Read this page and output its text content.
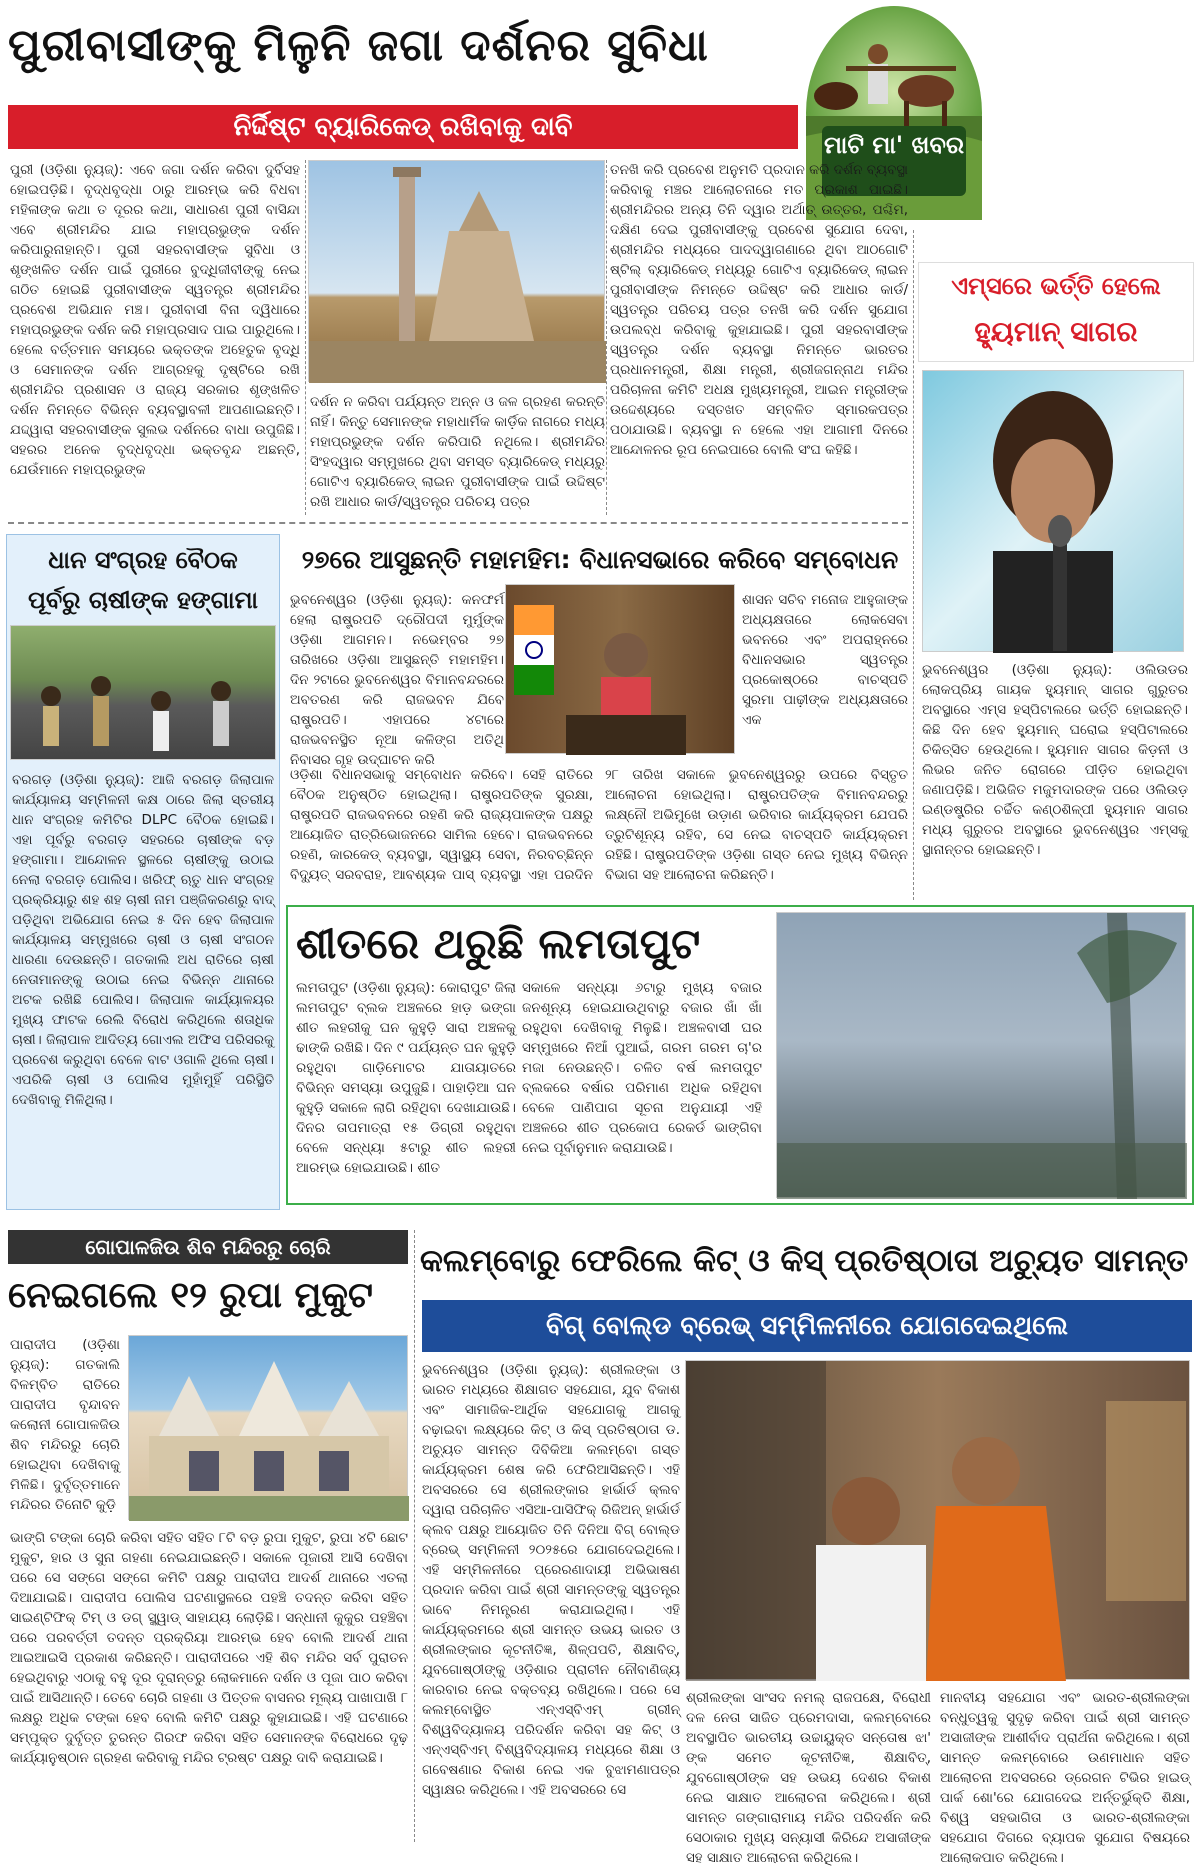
ପୁରୀବାସୀଙ୍କୁ ମିଳୁନି ଜଗା ଦର୍ଶନର ସୁବିଧା
ମାଟି ମା' ଖବର
ନିର୍ଦ୍ଦିଷ୍ଟ ବ୍ୟାରିକେଡ୍ ରଖିବାକୁ ଦାବି
ପୁରୀ (ଓଡ଼ିଶା ନ୍ୟୁଜ୍): ଏବେ ଜଗା ଦର୍ଶନ କରିବା ଦୁର୍ବିସହ ହୋଇପଡ଼ିଛି। ବୃଦ୍ଧବୃଦ୍ଧା ଠାରୁ ଆରମ୍ଭ କରି ବିଧବା ମହିଳାଙ୍କ କଥା ତ ଦୂରର କଥା, ସାଧାରଣ ପୁରୀ ବାସିନ୍ଦା ଏବେ ଶ୍ରୀମନ୍ଦିର ଯାଇ ମହାପ୍ରଭୁଙ୍କ ଦର୍ଶନ କରିପାରୁନାହାନ୍ତି। ପୁରୀ ସହରବାସୀଙ୍କ ସୁବିଧା ଓ ଶୃଙ୍ଖଳିତ ଦର୍ଶନ ପାଇଁ ପୁରୀରେ ବୁଦ୍ଧିଜୀବୀଙ୍କୁ ନେଇ ଗଠିତ ହୋଇଛି ପୁରୀବାସୀଙ୍କ ସ୍ୱତନ୍ତ୍ର ଶ୍ରୀମନ୍ଦିର ପ୍ରବେଶ ଅଭିଯାନ ମଞ୍ଚ। ପୁରୀବାସୀ ବିନା ଦ୍ୱିଧାରେ ମହାପ୍ରଭୁଙ୍କ ଦର୍ଶନ କରି ମହାପ୍ରସାଦ ପାଇ ପାରୁଥିଲେ। ହେଲେ ବର୍ତ୍ତମାନ ସମୟରେ ଭକ୍ତଙ୍କ ଅହେତୁକ ବୃଦ୍ଧି ଓ ସେମାନଙ୍କ ଦର୍ଶନ ଆଗ୍ରହକୁ ଦୃଷ୍ଟିରେ ରଖି ଶ୍ରୀମନ୍ଦିର ପ୍ରଶାସନ ଓ ରାଜ୍ୟ ସରକାର ଶୃଙ୍ଖଳିତ ଦର୍ଶନ ନିମନ୍ତେ ବିଭିନ୍ନ ବ୍ୟବସ୍ଥାବଳୀ ଆପଣାଇଛନ୍ତି। ଯଦ୍ଦ୍ୱାରା ସହରବାସୀଙ୍କ ସୁଲଭ ଦର୍ଶନରେ ବାଧା ଉପୁଜିଛି। ସହରର ଅନେକ ବୃଦ୍ଧବୃଦ୍ଧା ଭକ୍ତବୃନ୍ଦ ଅଛନ୍ତି, ଯେଉଁମାନେ ମହାପ୍ରଭୁଙ୍କ
ଦର୍ଶନ ନ କରିବା ପର୍ଯ୍ୟନ୍ତ ଅନ୍ନ ଓ ଜଳ ଗ୍ରହଣ କରନ୍ତି ନାହିଁ। କିନ୍ତୁ ସେମାନଙ୍କ ମହାଧାର୍ମିକ କାର୍ଡ଼ିକ ନାଗରେ ମଧ୍ୟ ମହାପ୍ରଭୁଙ୍କ ଦର୍ଶନ କରିପାରି ନଥିଲେ। ଶ୍ରୀମନ୍ଦିର ସିଂହଦ୍ୱାର ସମ୍ମୁଖରେ ଥିବା ସମସ୍ତ ବ୍ୟାରିକେଡ୍ ମଧ୍ୟରୁ ଗୋଟିଏ ବ୍ୟାରିକେଡ୍ ଲାଇନ ପୁରୀବାସୀଙ୍କ ପାଇଁ ଉଦ୍ଦିଷ୍ଟ ରଖି ଆଧାର କାର୍ଡ/ସ୍ୱତନ୍ତ୍ର ପରିଚୟ ପତ୍ର
ତନଖି କରି ପ୍ରବେଶ ଅନୁମତି ପ୍ରଦାନ କରି ଦର୍ଶନ ବ୍ୟବସ୍ଥା କରିବାକୁ ମଞ୍ଚର ଆଲୋଚନାରେ ମତ ପ୍ରକାଶ ପାଇଛି। ଶ୍ରୀମନ୍ଦିରର ଅନ୍ୟ ତିନି ଦ୍ୱାର ଅର୍ଥାତ୍ ଉତ୍ତର, ପଶ୍ଚିମ, ଦକ୍ଷିଣ ଦେଇ ପୁରୀବାସୀଙ୍କୁ ପ୍ରବେଶ ସୁଯୋଗ ଦେବା, ଶ୍ରୀମନ୍ଦିର ମଧ୍ୟରେ ପାଦଦ୍ୱାଗଣାରେ ଥିବା ଆଠଗୋଟି ଷ୍ଟିଲ୍ ବ୍ୟାରିକେଡ୍ ମଧ୍ୟରୁ ଗୋଟିଏ ବ୍ୟାରିକେଡ୍ ଲାଇନ ପୁରୀବାସୀଙ୍କ ନିମନ୍ତେ ଉଦ୍ଦିଷ୍ଟ କରି ଆଧାର କାର୍ଡ/ସ୍ୱତନ୍ତ୍ର ପରିଚୟ ପତ୍ର ତନଖି କରି ଦର୍ଶନ ସୁଯୋଗ ଉପଲବ୍ଧ କରିବାକୁ କୁହାଯାଇଛି। ପୁରୀ ସହରବାସୀଙ୍କ ସ୍ୱତନ୍ତ୍ର ଦର୍ଶନ ବ୍ୟବସ୍ଥା ନିମନ୍ତେ ଭାରତର ପ୍ରଧାନମନ୍ତ୍ରୀ, ଶିକ୍ଷା ମନ୍ତ୍ରୀ, ଶ୍ରୀଜଗନ୍ନାଥ ମନ୍ଦିର ପରିଚାଳନା କମିଟି ଅଧକ୍ଷ ମୁଖ୍ୟମନ୍ତ୍ରୀ, ଆଇନ ମନ୍ତ୍ରୀଙ୍କ ଉଦ୍ଦେଶ୍ୟରେ ଦସ୍ତଖତ ସମ୍ବଳିତ ସ୍ମାରକପତ୍ର ପଠାଯାଉଛି। ବ୍ୟବସ୍ଥା ନ ହେଲେ ଏହା ଆଗାମୀ ଦିନରେ ଆନ୍ଦୋଳନର ରୂପ ନେଇପାରେ ବୋଲି ସଂଘ କହିଛି।
ଏମ୍ସରେ ଭର୍ତ୍ତି ହେଲେ
ହ୍ୟୁମାନ୍ ସାଗର
ଭୁବନେଶ୍ୱର (ଓଡ଼ିଶା ନ୍ୟୁଜ୍): ଓଲିଉଡର ଲୋକପ୍ରିୟ ଗାୟକ ହ୍ୟୁମାନ୍ ସାଗର ଗୁରୁତର ଅବସ୍ଥାରେ ଏମ୍ସ ହସ୍ପିଟାଲରେ ଭର୍ତ୍ତି ହୋଇଛନ୍ତି। କିଛି ଦିନ ହେବ ହ୍ୟୁମାନ୍ ଘରୋଇ ହସ୍ପିଟାଲରେ ଚିକିତ୍ସିତ ହେଉଥିଲେ। ହ୍ୟୁମାନ ସାଗର କିଡ଼ନୀ ଓ ଲିଭର ଜନିତ ରୋଗରେ ପୀଡ଼ିତ ହୋଇଥିବା ଜଣାପଡ଼ିଛି। ଅଭିଜିତ ମଜୁମଦାରଙ୍କ ପରେ ଓଲିଉଡ଼ ଇଣ୍ଡଷ୍ଟ୍ରିର ଚର୍ଚ୍ଚିତ କଣ୍ଠଶିଳ୍ପୀ ହ୍ୟୁମାନ ସାଗର ମଧ୍ୟ ଗୁରୁତର ଅବସ୍ଥାରେ ଭୁବନେଶ୍ୱର ଏମ୍ସକୁ ସ୍ଥାନାନ୍ତର ହୋଇଛନ୍ତି।
ଧାନ ସଂଗ୍ରହ ବୈଠକ
ପୂର୍ବରୁ ଚାଷୀଙ୍କ ହଙ୍ଗାମା
ବରଗଡ଼ (ଓଡ଼ିଶା ନ୍ୟୁଜ୍): ଆଜି ବରଗଡ଼ ଜିଲାପାଳ କାର୍ଯ୍ୟାଳୟ ସମ୍ମିଳନୀ କକ୍ଷ ଠାରେ ଜିଲା ସ୍ତରୀୟ ଧାନ ସଂଗ୍ରହ କମିଟିର DLPC ବୈଠକ ହୋଇଛି। ଏହା ପୂର୍ବରୁ ବରଗଡ଼ ସହରରେ ଚାଷୀଙ୍କ ବଡ଼ ହଙ୍ଗାମା। ଆନ୍ଦୋଳନ ସ୍ଥଳରେ ଚାଷୀଙ୍କୁ ଉଠାଇ ନେଲା ବରଗଡ଼ ପୋଲିସ। ଖରିଫ୍ ଋତୁ ଧାନ ସଂଗ୍ରହ ପ୍ରକ୍ରିୟାରୁ ଶହ ଶହ ଚାଷୀ ନାମ ପଞ୍ଜିକରଣରୁ ବାଦ୍ ପଡ଼ିଥିବା ଅଭିଯୋଗ ନେଇ ୫ ଦିନ ହେବ ଜିଲାପାଳ କାର୍ଯ୍ୟାଳୟ ସମ୍ମୁଖରେ ଚାଷୀ ଓ ଚାଷୀ ସଂଗଠନ ଧାରଣା ଦେଉଛନ୍ତି। ଗତକାଲି ଅଧ ରାତିରେ ଚାଷୀ ନେତାମାନଙ୍କୁ ଉଠାଇ ନେଇ ବିଭିନ୍ନ ଥାନାରେ ଅଟକ ରଖିଛି ପୋଲିସ। ଜିଲାପାଳ କାର୍ଯ୍ୟାଳୟର ମୁଖ୍ୟ ଫାଟକ ରେଲି ବିରୋଧ କରିଥିଲେ ଶତାଧିକ ଚାଷୀ। ଜିଲାପାଳ ଆଦିତ୍ୟ ଗୋଏଲ ଅଫିସ ପରିସରକୁ ପ୍ରବେଶ କରୁଥିବା ବେଳେ ବାଟ ଓଗାଳି ଥିଲେ ଚାଷୀ। ଏପରିକି ଚାଷୀ ଓ ପୋଲିସ ମୁହାଁମୁହିଁ ପରିସ୍ଥିତି ଦେଖିବାକୁ ମିଳିଥିଲା।
୨୭ରେ ଆସୁଛନ୍ତି ମହାମହିମ: ବିଧାନସଭାରେ କରିବେ ସମ୍ବୋଧନ
ଭୁବନେଶ୍ୱର (ଓଡ଼ିଶା ନ୍ୟୁଜ୍): କନଫର୍ମ ହେଲା ରାଷ୍ଟ୍ରପତି ଦ୍ରୌପଦୀ ମୁର୍ମୁଙ୍କ ଓଡ଼ିଶା ଆଗମନ। ନଭେମ୍ବର ୨୭ ତାରିଖରେ ଓଡ଼ିଶା ଆସୁଛନ୍ତି ମହାମହିମ। ଦିନ ୨ଟାରେ ଭୁବନେଶ୍ୱର ବିମାନବନ୍ଦରରେ ଅବତରଣ କରି ରାଜଭବନ ଯିବେ ରାଷ୍ଟ୍ରପତି। ଏହାପରେ ୪ଟାରେ ରାଜଭବନସ୍ଥିତ ନୂଆ କଳିଙ୍ଗ ଅତିଥି ନିବାସର ଗୃହ ଉଦ୍‌ଘାଟନ କରି
ଶାସନ ସଚିବ ମନୋଜ ଆହୁଜାଙ୍କ ଅଧ୍ୟକ୍ଷତାରେ ଲୋକସେବା ଭବନରେ ଏବଂ ଅପରାହ୍ନରେ ବିଧାନସଭାର ସ୍ୱତନ୍ତ୍ର ପ୍ରକୋଷ୍ଠରେ ବାଚସ୍ପତି ସୁରମା ପାଢ଼ୀଙ୍କ ଅଧ୍ୟକ୍ଷତାରେ ଏକ
ଓଡ଼ିଶା ବିଧାନସଭାକୁ ସମ୍ବୋଧନ କରିବେ। ସେହି ରାତିରେ ବୈଠକ ଅନୁଷ୍ଠିତ ହୋଇଥିଲା। ରାଷ୍ଟ୍ରପତିଙ୍କ ସୁରକ୍ଷା, ରାଷ୍ଟ୍ରପତି ରାଜଭବନରେ ରହଣି କରି ରାଜ୍ୟପାଳଙ୍କ ପକ୍ଷରୁ ଆୟୋଜିତ ରାତ୍ରିଭୋଜନରେ ସାମିଲ ହେବେ। ରାଜଭବନରେ ରହଣି, କାରକେଡ୍ ବ୍ୟବସ୍ଥା, ସ୍ୱାସ୍ଥ୍ୟ ସେବା, ନିରବଚ୍ଛିନ୍ନ ବିଦ୍ୟୁତ୍ ସରବରାହ, ଆବଶ୍ୟକ ପାସ୍ ବ୍ୟବସ୍ଥା ଏହା ପରଦିନ ୨୮ ତାରିଖ ସକାଳେ ଭୁବନେଶ୍ୱରରୁ ଉପରେ ବିସ୍ତୃତ ଆଲୋଚନା ହୋଇଥିଲା। ରାଷ୍ଟ୍ରପତିଙ୍କ ବିମାନବନ୍ଦରରୁ ଲକ୍ଷ୍ନୌ ଅଭିମୁଖେ ଉଡ଼ାଣ ଭରିବାର କାର୍ଯ୍ୟକ୍ରମ ଯେପରି ତ୍ରୁଟିଶୂନ୍ୟ ରହିବ, ସେ ନେଇ ବାଚସ୍ପତି କାର୍ଯ୍ୟକ୍ରମ ରହିଛି। ରାଷ୍ଟ୍ରପତିଙ୍କ ଓଡ଼ିଶା ଗସ୍ତ ନେଇ ମୁଖ୍ୟ ବିଭିନ୍ନ ବିଭାଗ ସହ ଆଲୋଚନା କରିଛନ୍ତି।
ଶୀତରେ ଥରୁଛି ଲମତାପୁଟ
ଲମତାପୁଟ (ଓଡ଼ିଶା ନ୍ୟୁଜ୍): କୋରାପୁଟ ଜିଲା ଲମତାପୁଟ ବ୍ଲକ ଅଞ୍ଚଳରେ ହାଡ଼ ଭଙ୍ଗା ଶୀତ ଲହରୀକୁ ଘନ କୁହୁଡ଼ି ସାରା ଅଞ୍ଚଳକୁ ଢାଙ୍କି ରଖିଛି। ଦିନ ୯ ପର୍ଯ୍ୟନ୍ତ ଘନ କୁହୁଡ଼ି ରହୁଥିବା ଗାଡ଼ିମୋଟର ଯାତାୟାତରେ ବିଭିନ୍ନ ସମସ୍ୟା ଉପୁଜୁଛି। ପାହାଡ଼ିଆ ଘନ କୁହୁଡ଼ି ସକାଳେ ଲାଗି ରହିଥିବା ଦେଖାଯାଉଛି। ଦିନର ତାପମାତ୍ରା ୧୫ ଡିଗ୍ରୀ ରହୁଥିବା ବେଳେ ସନ୍ଧ୍ୟା ୫ଟାରୁ ଶୀତ ଲହରୀ ଆରମ୍ଭ ହୋଇଯାଉଛି। ଶୀତ
ସକାଳେ ସନ୍ଧ୍ୟା ୬ଟାରୁ ମୁଖ୍ୟ ବଜାର ଜନଶୂନ୍ୟ ହୋଇଯାଉଥିବାରୁ ବଜାର ଖାଁ ଖାଁ ରହୁଥିବା ଦେଖିବାକୁ ମିଳୁଛି। ଅଞ୍ଚଳବାସୀ ଘର ସମ୍ମୁଖରେ ନିଆଁ ପୁଆଇଁ, ଗରମ ଗରମ ଚା'ର ମଜା ନେଉଛନ୍ତି। ଚଳିତ ବର୍ଷ ଲମତାପୁଟ ବ୍ଲକରେ ବର୍ଷାର ପରିମାଣ ଅଧିକ ରହିଥିବା ବେଳେ ପାଣିପାଗ ସୂଚନା ଅନୁଯାୟୀ ଏହି ଅଞ୍ଚଳରେ ଶୀତ ପ୍ରକୋପ ରେକର୍ଡ ଭାଙ୍ଗିବା ନେଇ ପୂର୍ବାନୁମାନ କରାଯାଉଛି।
ଗୋପାଳଜିଉ ଶିବ ମନ୍ଦିରରୁ ଚୋରି
ନେଇଗଲେ ୧୨ ରୁପା ମୁକୁଟ
ପାରାଦୀପ (ଓଡ଼ିଶା ନ୍ୟୁଜ୍): ଗତକାଲି ବିଳମ୍ବିତ ରାତିରେ ପାରାଦୀପ ବୃନ୍ଦାବନ କଲୋନୀ ଗୋପାଳଜିଉ ଶିବ ମନ୍ଦିରରୁ ଚୋରି ହୋଇଥିବା ଦେଖିବାକୁ ମିଳିଛି। ଦୁର୍ବୃତ୍ତମାନେ ମନ୍ଦିରର ତିନୋଟି କୁଡ଼ି
ଭାଙ୍ଗି ଟଙ୍କା ଚୋରି କରିବା ସହିତ ସହିତ ୮ଟି ବଡ଼ ରୁପା ମୁକୁଟ, ରୁପା ୪ଟି ଛୋଟ ମୁକୁଟ, ହାର ଓ ସୁନା ଗହଣା ନେଇଯାଇଛନ୍ତି। ସକାଳେ ପୂଜାରୀ ଆସି ଦେଖିବା ପରେ ସେ ସଙ୍ଗେ ସଙ୍ଗେ କମିଟି ପକ୍ଷରୁ ପାରାଦୀପ ଆଦର୍ଶ ଥାନାରେ ଏତଲା ଦିଆଯାଇଛି। ପାରାଦୀପ ପୋଲିସ ଘଟଣାସ୍ଥଳରେ ପହଞ୍ଚି ତଦନ୍ତ କରିବା ସହିତ ସାଇଣ୍ଟିଫିକ୍ ଟିମ୍ ଓ ଡଗ୍ ସ୍କ୍ୱାଡ୍ ସାହାଯ୍ୟ ଲୋଡ଼ିଛି। ସନ୍ଧାନୀ କୁକୁର ପହଞ୍ଚିବା ପରେ ପରବର୍ତ୍ତୀ ତଦନ୍ତ ପ୍ରକ୍ରିୟା ଆରମ୍ଭ ହେବ ବୋଲି ଆଦର୍ଶ ଥାନା ଆଇଆଇସି ପ୍ରକାଶ କରିଛନ୍ତି। ପାରାଦୀପରେ ଏହି ଶିବ ମନ୍ଦିର ସର୍ବ ପୁରାତନ ହେଇଥିବାରୁ ଏଠାକୁ ବହୁ ଦୂର ଦୂରାନ୍ତରୁ ଲୋକମାନେ ଦର୍ଶନ ଓ ପୂଜା ପାଠ କରିବା ପାଇଁ ଆସିଥାନ୍ତି। ତେବେ ଚୋରି ଗହଣା ଓ ପିତ୍ତଳ ବାସନର ମୂଲ୍ୟ ପାଖାପାଖି ୮ ଲକ୍ଷରୁ ଅଧିକ ଟଙ୍କା ହେବ ବୋଲି କମିଟି ପକ୍ଷରୁ କୁହାଯାଇଛି। ଏହି ଘଟଣାରେ ସମ୍ପୃକ୍ତ ଦୁର୍ବୃତ୍ତ ତୁରନ୍ତ ଗିରଫ କରିବା ସହିତ ସେମାନଙ୍କ ବିରୋଧରେ ଦୃଢ଼ କାର୍ଯ୍ୟାନୁଷ୍ଠାନ ଗ୍ରହଣ କରିବାକୁ ମନ୍ଦିର ଟ୍ରଷ୍ଟ ପକ୍ଷରୁ ଦାବି କରାଯାଇଛି।
କଲମ୍ବୋରୁ ଫେରିଲେ କିଟ୍ ଓ କିସ୍ ପ୍ରତିଷ୍ଠାତା ଅଚ୍ୟୁତ ସାମନ୍ତ
ବିଗ୍ ବୋଲ୍ଡ ବ୍ରେଭ୍ ସମ୍ମିଳନୀରେ ଯୋଗଦେଇଥିଲେ
ଭୁବନେଶ୍ୱର (ଓଡ଼ିଶା ନ୍ୟୁଜ୍): ଶ୍ରୀଲଙ୍କା ଓ ଭାରତ ମଧ୍ୟରେ ଶିକ୍ଷାଗତ ସହଯୋଗ, ଯୁବ ବିକାଶ ଏବଂ ସାମାଜିକ-ଆର୍ଥିକ ସହଯୋଗକୁ ଆଗକୁ ବଢ଼ାଇବା ଲକ୍ଷ୍ୟରେ କିଟ୍ ଓ କିସ୍ ପ୍ରତିଷ୍ଠାତା ଡ. ଅଚ୍ୟୁତ ସାମନ୍ତ ଦିବିକିଆ କଲମ୍ବୋ ଗସ୍ତ କାର୍ଯ୍ୟକ୍ରମ ଶେଷ କରି ଫେରିଆସିଛନ୍ତି। ଏହି ଅବସରରେ ସେ ଶ୍ରୀଲଙ୍କାର ହାର୍ଭାର୍ଡ କ୍ଲବ ଦ୍ୱାରା ପରିଚାଳିତ ଏସିଆ-ପାସିଫିକ୍ ରିଜିଅନ୍ ହାର୍ଭାର୍ଡ କ୍ଲବ ପକ୍ଷରୁ ଆୟୋଜିତ ତିନି ଦିନିଆ ବିଗ୍ ବୋଲ୍ଡ ବ୍ରେଭ୍ ସମ୍ମିଳନୀ ୨୦୨୫ରେ ଯୋଗଦେଇଥିଲେ। ଏହି ସମ୍ମିଳନୀରେ ପ୍ରେରଣାଦାୟୀ ଅଭିଭାଷଣ ପ୍ରଦାନ କରିବା ପାଇଁ ଶ୍ରୀ ସାମନ୍ତଙ୍କୁ ସ୍ୱତନ୍ତ୍ର ଭାବେ ନିମନ୍ତ୍ରଣ କରାଯାଇଥିଲା। ଏହି କାର୍ଯ୍ୟକ୍ରମରେ ଶ୍ରୀ ସାମନ୍ତ ଉଭୟ ଭାରତ ଓ ଶ୍ରୀଲଙ୍କାର କୂଟନୀତିଜ୍ଞ, ଶିଳ୍ପପତି, ଶିକ୍ଷାବିତ୍, ଯୁବଗୋଷ୍ଠୀଙ୍କୁ ଓଡ଼ିଶାର ପ୍ରାଚୀନ ନୌବାଣିଜ୍ୟ କାରବାର ନେଇ ବକ୍ତବ୍ୟ ରଖିଥିଲେ। ପରେ ସେ କଲମ୍ବୋସ୍ଥିତ ଏନ୍ଏସ୍‌ବିଏମ୍ ଗ୍ରୀନ୍ ବିଶ୍ୱବିଦ୍ୟାଳୟ ପରିଦର୍ଶନ କରିବା ସହ କିଟ୍ ଓ ଏନ୍ଏସ୍‌ବିଏମ୍ ବିଶ୍ୱବିଦ୍ୟାଳୟ ମଧ୍ୟରେ ଶିକ୍ଷା ଓ ଗବେଷଣାର ବିକାଶ ନେଇ ଏକ ବୁଝାମଣାପତ୍ର ସ୍ୱାକ୍ଷର କରିଥିଲେ। ଏହି ଅବସରରେ ସେ
ଶ୍ରୀଲଙ୍କା ସାଂସଦ ନମଲ୍ ରାଜପକ୍ଷେ, ବିରୋଧୀ ଦଳ ନେତା ସାଜିତ ପ୍ରେମଦାସା, କଲମ୍ବୋରେ ଅବସ୍ଥାପିତ ଭାରତୀୟ ଉଚ୍ଚାୟୁକ୍ତ ସନ୍ତୋଷ ଝା' ଙ୍କ ସମେତ କୂଟନୀତିଜ୍ଞ, ଶିକ୍ଷାବିତ୍, ଯୁବଗୋଷ୍ଠୀଙ୍କ ସହ ଉଭୟ ଦେଶର ବିକାଶ ନେଇ ସାକ୍ଷାତ ଆଲୋଚନା କରିଥିଲେ। ଶ୍ରୀ ସାମନ୍ତ ଗଙ୍ଗାରାମାୟ ମନ୍ଦିର ପରିଦର୍ଶନ କରି ସେଠାକାର ମୁଖ୍ୟ ସନ୍ୟାସୀ କିରିନ୍ଦେ ଅସାଜୀଙ୍କ ସହ ସାକ୍ଷାତ ଆଲୋଚନା କରିଥିଲେ।
ମାନବୀୟ ସହଯୋଗ ଏବଂ ଭାରତ-ଶ୍ରୀଲଙ୍କା ବନ୍ଧୁତ୍ୱକୁ ସୁଦୃଢ଼ କରିବା ପାଇଁ ଶ୍ରୀ ସାମନ୍ତ ଅସାଜୀଙ୍କ ଆଶୀର୍ବାଦ ପ୍ରାର୍ଥନା କରିଥିଲେ। ଶ୍ରୀ ସାମନ୍ତ କଲମ୍ବୋରେ ଉଣମାଧାନ ସହିତ ଆଲୋଚନା ଅବସରରେ ଡ୍ରେଗନ ଟିଭିର ହାଇଡ୍ ପାର୍କ ଶୋ'ରେ ଯୋଗଦେଇ ଅର୍ନ୍ତର୍ଭୁକ୍ତି ଶିକ୍ଷା, ବିଶ୍ୱ ସହଭାଗିତା ଓ ଭାରତ-ଶ୍ରୀଲଙ୍କା ସହଯୋଗ ଦିଗରେ ବ୍ୟାପକ ସୁଯୋଗ ବିଷୟରେ ଆଲୋକପାତ କରିଥିଲେ।
